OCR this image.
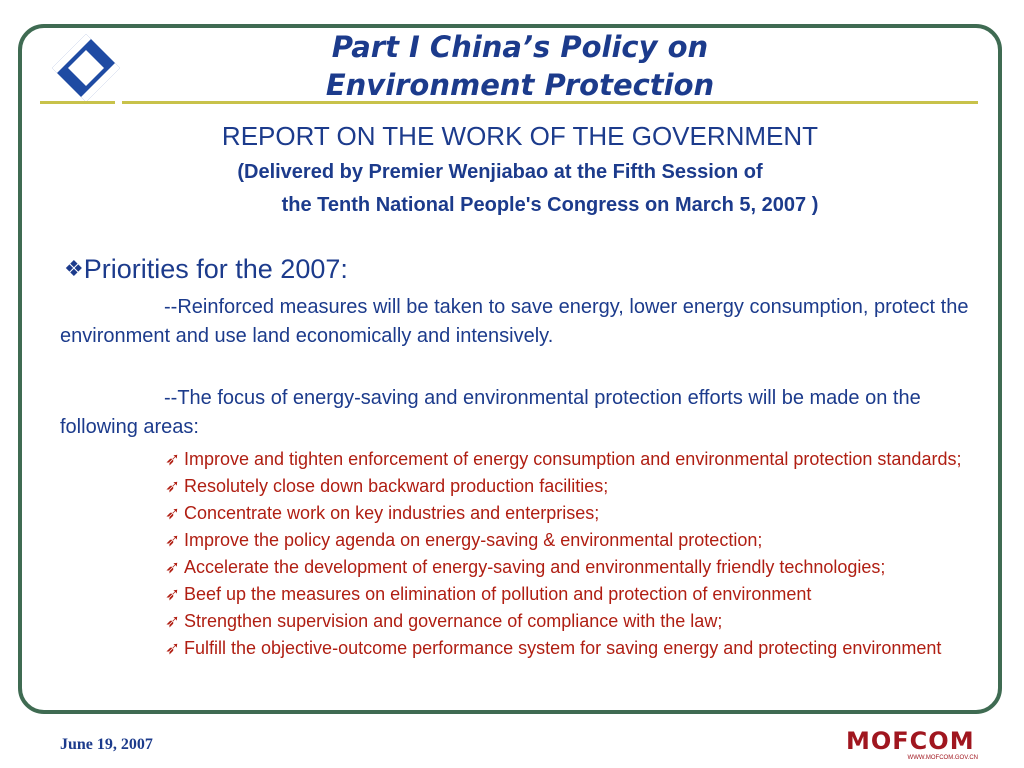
Part I China’s Policy on
Environment Protection
REPORT ON THE WORK OF THE GOVERNMENT
(Delivered by Premier Wenjiabao at the Fifth Session of
the Tenth National People's Congress on March 5, 2007 )
❖Priorities for the 2007:
--Reinforced measures will be taken to save energy, lower energy consumption, protect the environment and use land economically and intensively.
--The focus of energy-saving and environmental protection efforts will be made on the following areas:
➶ Improve and tighten enforcement of energy consumption and environmental protection standards;
➶ Resolutely close down backward production facilities;
➶ Concentrate work on key industries and enterprises;
➶ Improve the policy agenda on energy-saving & environmental protection;
➶ Accelerate the development of energy-saving and environmentally friendly technologies;
➶ Beef up the measures on elimination of pollution and protection of environment
➶ Strengthen supervision and governance of compliance with the law;
➶ Fulfill the objective-outcome performance system for saving energy and protecting environment
June 19, 2007	MOFCOM
WWW.MOFCOM.GOV.CN
